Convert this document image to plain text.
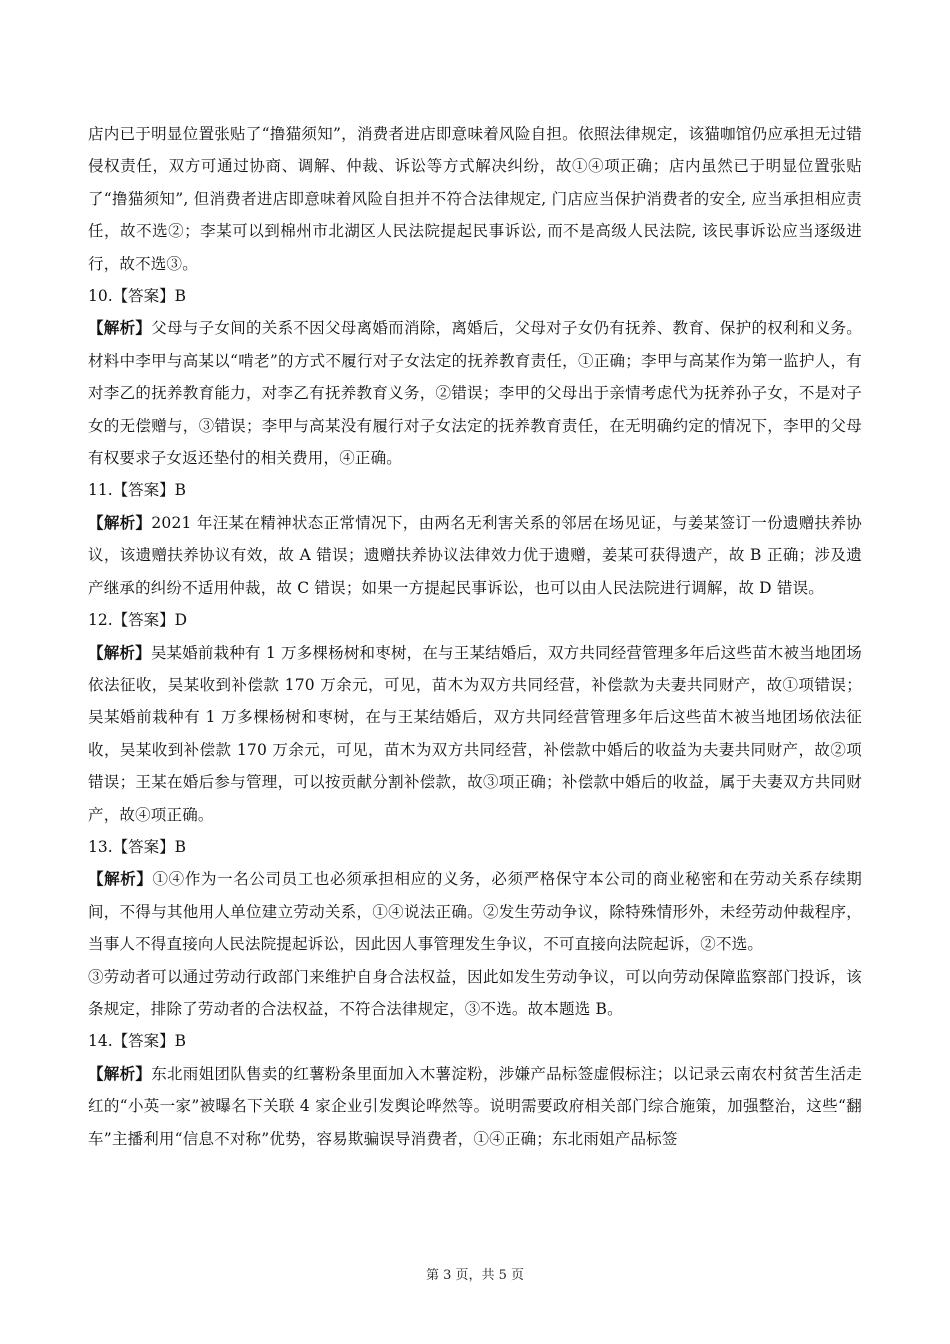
店内已于明显位置张贴了“撸猫须知”，消费者进店即意味着风险自担。依照法律规定，该猫咖馆仍应承担无过错侵权责任，双方可通过协商、调解、仲裁、诉讼等方式解决纠纷，故①④项正确；店内虽然已于明显位置张贴了“撸猫须知”, 但消费者进店即意味着风险自担并不符合法律规定, 门店应当保护消费者的安全, 应当承担相应责任，故不选②；李某可以到棉州市北湖区人民法院提起民事诉讼, 而不是高级人民法院, 该民事诉讼应当逐级进行，故不选③。

10.【答案】B

【解析】父母与子女间的关系不因父母离婚而消除，离婚后，父母对子女仍有抚养、教育、保护的权利和义务。材料中李甲与高某以“啃老”的方式不履行对子女法定的抚养教育责任，①正确；李甲与高某作为第一监护人，有对李乙的抚养教育能力，对李乙有抚养教育义务，②错误；李甲的父母出于亲情考虑代为抚养孙子女，不是对子女的无偿赠与，③错误；李甲与高某没有履行对子女法定的抚养教育责任，在无明确约定的情况下，李甲的父母有权要求子女返还垫付的相关费用，④正确。

11.【答案】B

【解析】2021 年汪某在精神状态正常情况下，由两名无利害关系的邻居在场见证，与姜某签订一份遗赠扶养协议，该遗赠扶养协议有效，故 A 错误；遗赠扶养协议法律效力优于遗赠，姜某可获得遗产，故 B 正确；涉及遗产继承的纠纷不适用仲裁，故 C 错误；如果一方提起民事诉讼，也可以由人民法院进行调解，故 D 错误。

12.【答案】D

【解析】吴某婚前栽种有 1 万多棵杨树和枣树，在与王某结婚后，双方共同经营管理多年后这些苗木被当地团场依法征收，吴某收到补偿款 170 万余元，可见，苗木为双方共同经营，补偿款为夫妻共同财产，故①项错误；吴某婚前栽种有 1 万多棵杨树和枣树，在与王某结婚后，双方共同经营管理多年后这些苗木被当地团场依法征收，吴某收到补偿款 170 万余元，可见，苗木为双方共同经营，补偿款中婚后的收益为夫妻共同财产，故②项错误；王某在婚后参与管理，可以按贡献分割补偿款，故③项正确；补偿款中婚后的收益，属于夫妻双方共同财产，故④项正确。

13.【答案】B

【解析】①④作为一名公司员工也必须承担相应的义务，必须严格保守本公司的商业秘密和在劳动关系存续期间，不得与其他用人单位建立劳动关系，①④说法正确。②发生劳动争议，除特殊情形外，未经劳动仲裁程序，当事人不得直接向人民法院提起诉讼，因此因人事管理发生争议，不可直接向法院起诉，②不选。

③劳动者可以通过劳动行政部门来维护自身合法权益，因此如发生劳动争议，可以向劳动保障监察部门投诉，该条规定，排除了劳动者的合法权益，不符合法律规定，③不选。故本题选 B。

14.【答案】B

【解析】东北雨姐团队售卖的红薯粉条里面加入木薯淀粉，涉嫌产品标签虚假标注；以记录云南农村贫苦生活走红的“小英一家”被曝名下关联 4 家企业引发舆论哗然等。说明需要政府相关部门综合施策，加强整治，这些“翻车”主播利用“信息不对称”优势，容易欺骗误导消费者，①④正确；东北雨姐产品标签

第 3 页，共 5 页
